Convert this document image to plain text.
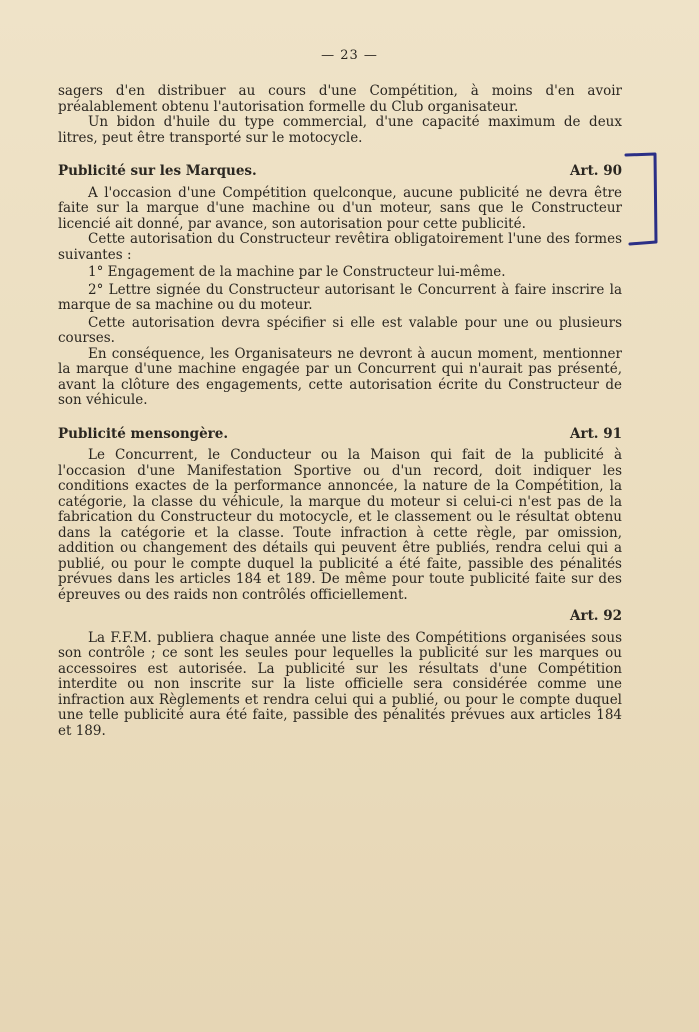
— 23 —

sagers d'en distribuer au cours d'une Compétition, à moins d'en avoir préalablement obtenu l'autorisation formelle du Club organisateur.

Un bidon d'huile du type commercial, d'une capacité maximum de deux litres, peut être transporté sur le motocycle.

Publicité sur les Marques.	Art. 90

A l'occasion d'une Compétition quelconque, aucune publicité ne devra être faite sur la marque d'une machine ou d'un moteur, sans que le Constructeur licencié ait donné, par avance, son autorisation pour cette publicité.

Cette autorisation du Constructeur revêtira obligatoirement l'une des formes suivantes :

1° Engagement de la machine par le Constructeur lui-même.

2° Lettre signée du Constructeur autorisant le Concurrent à faire inscrire la marque de sa machine ou du moteur.

Cette autorisation devra spécifier si elle est valable pour une ou plusieurs courses.

En conséquence, les Organisateurs ne devront à aucun moment, mentionner la marque d'une machine engagée par un Concurrent qui n'aurait pas présenté, avant la clôture des engagements, cette autorisation écrite du Constructeur de son véhicule.

Publicité mensongère.	Art. 91

Le Concurrent, le Conducteur ou la Maison qui fait de la publicité à l'occasion d'une Manifestation Sportive ou d'un record, doit indiquer les conditions exactes de la performance annoncée, la nature de la Compétition, la catégorie, la classe du véhicule, la marque du moteur si celui-ci n'est pas de la fabrication du Constructeur du motocycle, et le classement ou le résultat obtenu dans la catégorie et la classe. Toute infraction à cette règle, par omission, addition ou changement des détails qui peuvent être publiés, rendra celui qui a publié, ou pour le compte duquel la publicité a été faite, passible des pénalités prévues dans les articles 184 et 189. De même pour toute publicité faite sur des épreuves ou des raids non contrôlés officiellement.

Art. 92

La F.F.M. publiera chaque année une liste des Compétitions organisées sous son contrôle ; ce sont les seules pour lequelles la publicité sur les marques ou accessoires est autorisée. La publicité sur les résultats d'une Compétition interdite ou non inscrite sur la liste officielle sera considérée comme une infraction aux Règlements et rendra celui qui a publié, ou pour le compte duquel une telle publicité aura été faite, passible des pénalités prévues aux articles 184 et 189.
